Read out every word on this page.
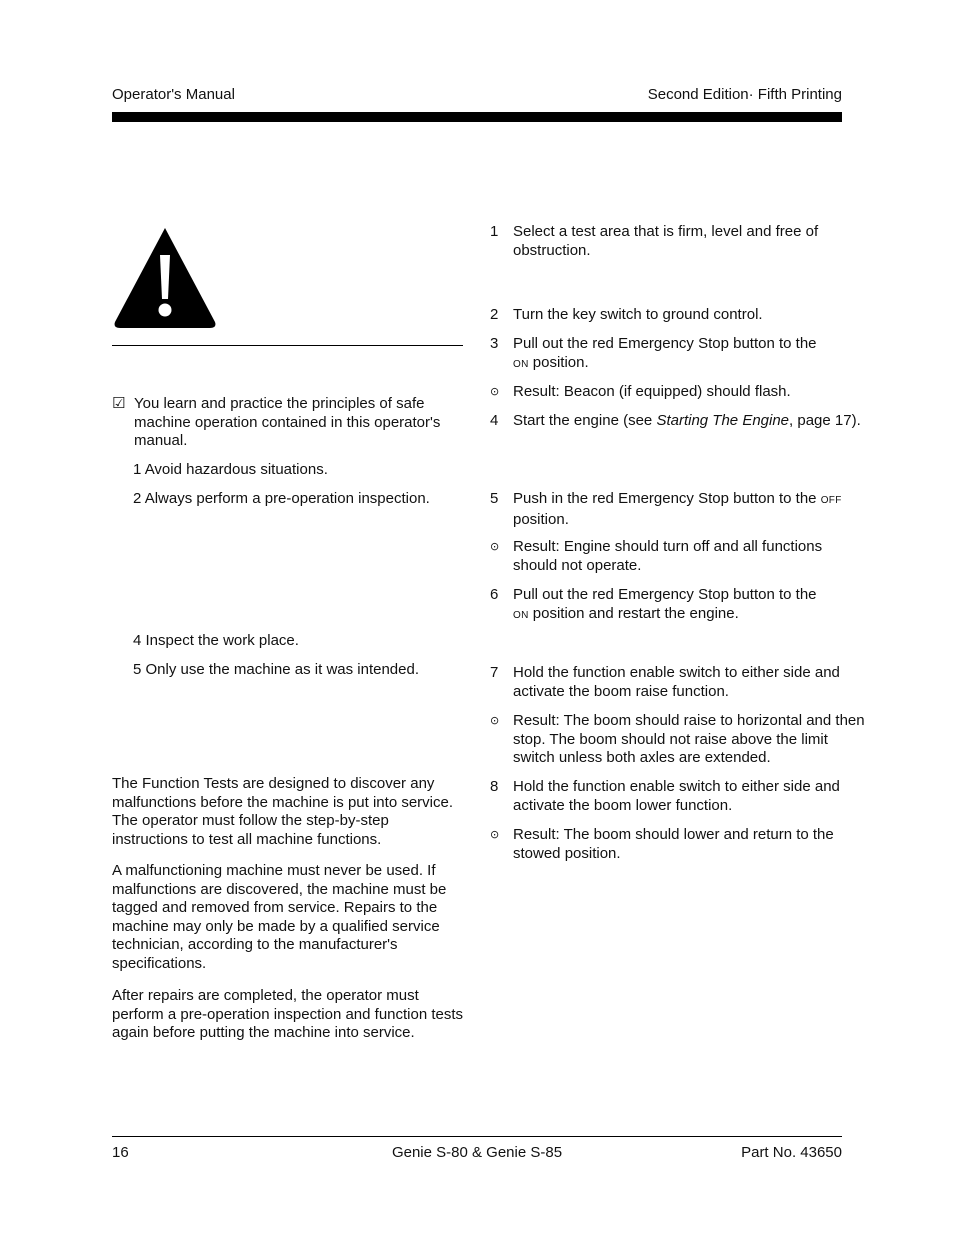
Operator's Manual	Second Edition· Fifth Printing
☑ You learn and practice the principles of safe machine operation contained in this operator's manual.
1 Avoid hazardous situations.
2 Always perform a pre-operation inspection.
4 Inspect the work place.
5 Only use the machine as it was intended.
The Function Tests are designed to discover any malfunctions before the machine is put into service. The operator must follow the step-by-step instructions to test all machine functions.
A malfunctioning machine must never be used. If malfunctions are discovered, the machine must be tagged and removed from service. Repairs to the machine may only be made by a qualified service technician, according to the manufacturer's specifications.
After repairs are completed, the operator must perform a pre-operation inspection and function tests again before putting the machine into service.
1 Select a test area that is firm, level and free of obstruction.
2 Turn the key switch to ground control.
3 Pull out the red Emergency Stop button to the
ON position.
⊙ Result: Beacon (if equipped) should flash.
4 Start the engine (see Starting The Engine, page 17).
5 Push in the red Emergency Stop button to the OFF position.
⊙ Result: Engine should turn off and all functions should not operate.
6 Pull out the red Emergency Stop button to the
ON position and restart the engine.
7 Hold the function enable switch to either side and activate the boom raise function.
⊙ Result: The boom should raise to horizontal and then stop. The boom should not raise above the limit switch unless both axles are extended.
8 Hold the function enable switch to either side and activate the boom lower function.
⊙ Result: The boom should lower and return to the stowed position.
16	Genie S-80 & Genie S-85	Part No. 43650
